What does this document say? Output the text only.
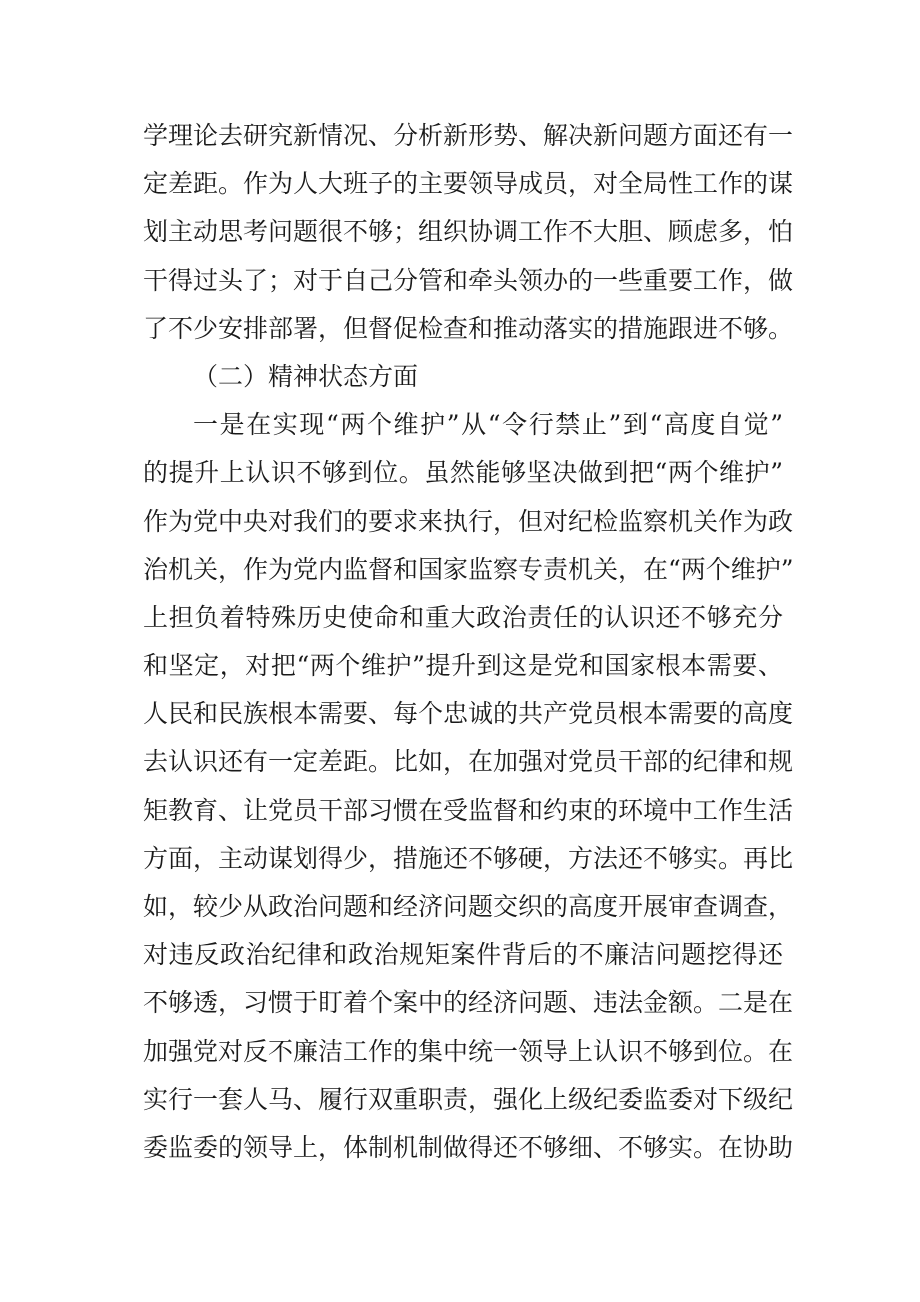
学理论去研究新情况、分析新形势、解决新问题方面还有一
定差距。作为人大班子的主要领导成员，对全局性工作的谋
划主动思考问题很不够；组织协调工作不大胆、顾虑多，怕
干得过头了；对于自己分管和牵头领办的一些重要工作，做
了不少安排部署，但督促检查和推动落实的措施跟进不够。
（二）精神状态方面
一是在实现“两个维护”从“令行禁止”到“高度自觉”
的提升上认识不够到位。虽然能够坚决做到把“两个维护”
作为党中央对我们的要求来执行，但对纪检监察机关作为政
治机关，作为党内监督和国家监察专责机关，在“两个维护”
上担负着特殊历史使命和重大政治责任的认识还不够充分
和坚定，对把“两个维护”提升到这是党和国家根本需要、
人民和民族根本需要、每个忠诚的共产党员根本需要的高度
去认识还有一定差距。比如，在加强对党员干部的纪律和规
矩教育、让党员干部习惯在受监督和约束的环境中工作生活
方面，主动谋划得少，措施还不够硬，方法还不够实。再比
如，较少从政治问题和经济问题交织的高度开展审查调查，
对违反政治纪律和政治规矩案件背后的不廉洁问题挖得还
不够透，习惯于盯着个案中的经济问题、违法金额。二是在
加强党对反不廉洁工作的集中统一领导上认识不够到位。在
实行一套人马、履行双重职责，强化上级纪委监委对下级纪
委监委的领导上，体制机制做得还不够细、不够实。在协助
